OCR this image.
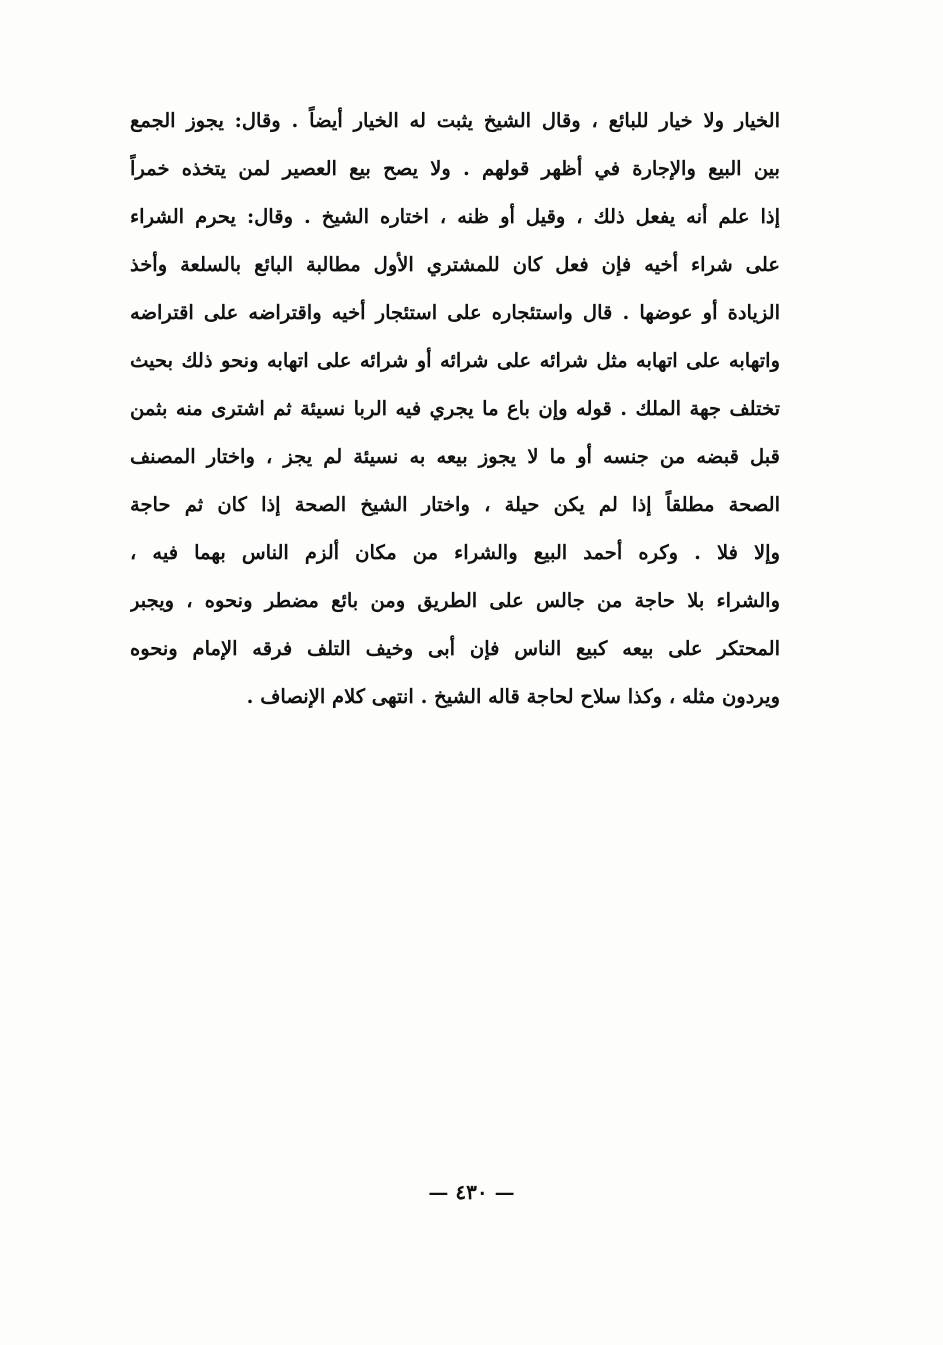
الخيار ولا خيار للبائع ، وقال الشيخ يثبت له الخيار أيضاً . وقال: يجوز الجمع
بين البيع والإجارة في أظهر قولهم . ولا يصح بيع العصير لمن يتخذه خمراً
إذا علم أنه يفعل ذلك ، وقيل أو ظنه ، اختاره الشيخ . وقال: يحرم الشراء
على شراء أخيه فإن فعل كان للمشتري الأول مطالبة البائع بالسلعة وأخذ
الزيادة أو عوضها . قال واستئجاره على استئجار أخيه واقتراضه على اقتراضه
واتهابه على اتهابه مثل شرائه على شرائه أو شرائه على اتهابه ونحو ذلك بحيث
تختلف جهة الملك . قوله وإن باع ما يجري فيه الربا نسيئة ثم اشترى منه بثمن
قبل قبضه من جنسه أو ما لا يجوز بيعه به نسيئة لم يجز ، واختار المصنف
الصحة مطلقاً إذا لم يكن حيلة ، واختار الشيخ الصحة إذا كان ثم حاجة
وإلا فلا . وكره أحمد البيع والشراء من مكان ألزم الناس بهما فيه ،
والشراء بلا حاجة من جالس على الطريق ومن بائع مضطر ونحوه ، ويجبر
المحتكر على بيعه كبيع الناس فإن أبى وخيف التلف فرقه الإمام ونحوه
ويردون مثله ، وكذا سلاح لحاجة قاله الشيخ . انتهى كلام الإنصاف .
— ٤٣٠ —
